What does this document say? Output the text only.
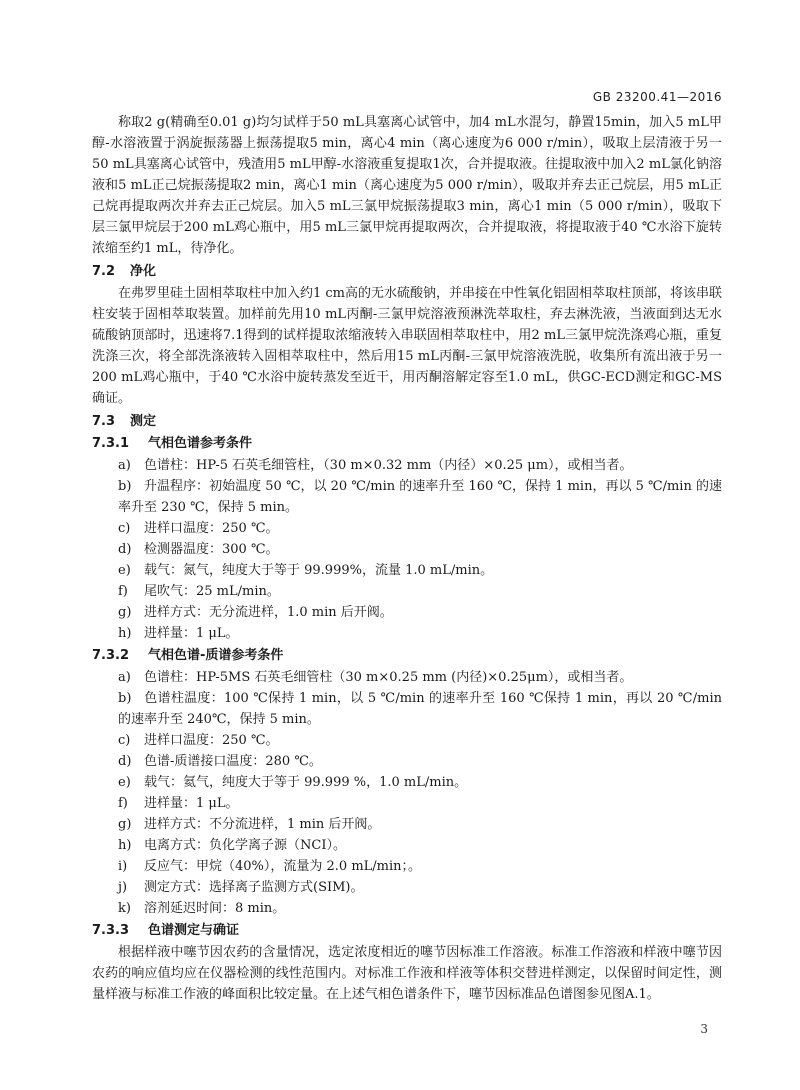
GB 23200.41—2016

称取2 g(精确至0.01 g)均匀试样于50 mL具塞离心试管中，加4 mL水混匀，静置15min，加入5 mL甲醇-水溶液置于涡旋振荡器上振荡提取5 min，离心4 min（离心速度为6 000 r/min），吸取上层清液于另一50 mL具塞离心试管中，残渣用5 mL甲醇-水溶液重复提取1次，合并提取液。往提取液中加入2 mL氯化钠溶液和5 mL正己烷振荡提取2 min，离心1 min（离心速度为5 000 r/min），吸取并弃去正己烷层，用5 mL正己烷再提取两次并弃去正己烷层。加入5 mL三氯甲烷振荡提取3 min，离心1 min（5 000 r/min），吸取下层三氯甲烷层于200 mL鸡心瓶中，用5 mL三氯甲烷再提取两次，合并提取液，将提取液于40 ℃水浴下旋转浓缩至约1 mL，待净化。

7.2 净化

在弗罗里硅土固相萃取柱中加入约1 cm高的无水硫酸钠，并串接在中性氧化铝固相萃取柱顶部，将该串联柱安装于固相萃取装置。加样前先用10 mL丙酮-三氯甲烷溶液预淋洗萃取柱，弃去淋洗液，当液面到达无水硫酸钠顶部时，迅速将7.1得到的试样提取浓缩液转入串联固相萃取柱中，用2 mL三氯甲烷洗涤鸡心瓶，重复洗涤三次，将全部洗涤液转入固相萃取柱中，然后用15 mL丙酮-三氯甲烷溶液洗脱，收集所有流出液于另一200 mL鸡心瓶中，于40 ℃水浴中旋转蒸发至近干，用丙酮溶解定容至1.0 mL，供GC-ECD测定和GC-MS确证。

7.3 测定
7.3.1 气相色谱参考条件
a) 色谱柱：HP-5 石英毛细管柱，（30 m×0.32 mm（内径）×0.25 μm），或相当者。
b) 升温程序：初始温度 50 ℃，以 20 ℃/min 的速率升至 160 ℃，保持 1 min，再以 5 ℃/min 的速率升至 230 ℃，保持 5 min。
c) 进样口温度：250 ℃。
d) 检测器温度：300 ℃。
e) 载气：氮气，纯度大于等于 99.999%，流量 1.0 mL/min。
f) 尾吹气：25 mL/min。
g) 进样方式：无分流进样，1.0 min 后开阀。
h) 进样量：1 μL。
7.3.2 气相色谱-质谱参考条件
a) 色谱柱：HP-5MS 石英毛细管柱（30 m×0.25 mm (内径)×0.25μm），或相当者。
b) 色谱柱温度：100 ℃保持 1 min，以 5 ℃/min 的速率升至 160 ℃保持 1 min，再以 20 ℃/min 的速率升至 240℃，保持 5 min。
c) 进样口温度：250 ℃。
d) 色谱-质谱接口温度：280 ℃。
e) 载气：氦气，纯度大于等于 99.999 %，1.0 mL/min。
f) 进样量：1 μL。
g) 进样方式：不分流进样，1 min 后开阀。
h) 电离方式：负化学离子源（NCI）。
i) 反应气：甲烷（40%），流量为 2.0 mL/min；。
j) 测定方式：选择离子监测方式(SIM)。
k) 溶剂延迟时间：8 min。
7.3.3 色谱测定与确证

根据样液中噻节因农药的含量情况，选定浓度相近的噻节因标准工作溶液。标准工作溶液和样液中噻节因农药的响应值均应在仪器检测的线性范围内。对标准工作液和样液等体积交替进样测定，以保留时间定性，测量样液与标准工作液的峰面积比较定量。在上述气相色谱条件下，噻节因标准品色谱图参见图A.1。

3
